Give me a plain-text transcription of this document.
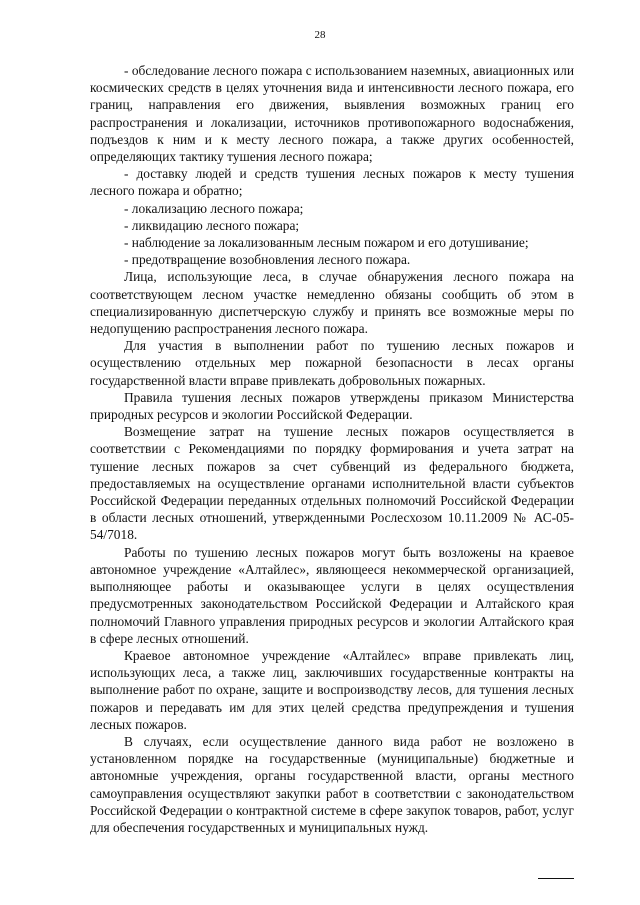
28

- обследование лесного пожара с использованием наземных, авиационных или космических средств в целях уточнения вида и интенсивности лесного пожара, его границ, направления его движения, выявления возможных границ его распространения и локализации, источников противопожарного водоснабжения, подъездов к ним и к месту лесного пожара, а также других особенностей, определяющих тактику тушения лесного пожара;

- доставку людей и средств тушения лесных пожаров к месту тушения лесного пожара и обратно;

- локализацию лесного пожара;

- ликвидацию лесного пожара;

- наблюдение за локализованным лесным пожаром и его дотушивание;

- предотвращение возобновления лесного пожара.

Лица, использующие леса, в случае обнаружения лесного пожара на соответствующем лесном участке немедленно обязаны сообщить об этом в специализированную диспетчерскую службу и принять все возможные меры по недопущению распространения лесного пожара.

Для участия в выполнении работ по тушению лесных пожаров и осуществлению отдельных мер пожарной безопасности в лесах органы государственной власти вправе привлекать добровольных пожарных.

Правила тушения лесных пожаров утверждены приказом Министерства природных ресурсов и экологии Российской Федерации.

Возмещение затрат на тушение лесных пожаров осуществляется в соответствии с Рекомендациями по порядку формирования и учета затрат на тушение лесных пожаров за счет субвенций из федерального бюджета, предоставляемых на осуществление органами исполнительной власти субъектов Российской Федерации переданных отдельных полномочий Российской Федерации в области лесных отношений, утвержденными Рослесхозом 10.11.2009 № АС-05-54/7018.

Работы по тушению лесных пожаров могут быть возложены на краевое автономное учреждение «Алтайлес», являющееся некоммерческой организацией, выполняющее работы и оказывающее услуги в целях осуществления предусмотренных законодательством Российской Федерации и Алтайского края полномочий Главного управления природных ресурсов и экологии Алтайского края в сфере лесных отношений.

Краевое автономное учреждение «Алтайлес» вправе привлекать лиц, использующих леса, а также лиц, заключивших государственные контракты на выполнение работ по охране, защите и воспроизводству лесов, для тушения лесных пожаров и передавать им для этих целей средства предупреждения и тушения лесных пожаров.

В случаях, если осуществление данного вида работ не возложено в установленном порядке на государственные (муниципальные) бюджетные и автономные учреждения, органы государственной власти, органы местного самоуправления осуществляют закупки работ в соответствии с законодательством Российской Федерации о контрактной системе в сфере закупок товаров, работ, услуг для обеспечения государственных и муниципальных нужд.
